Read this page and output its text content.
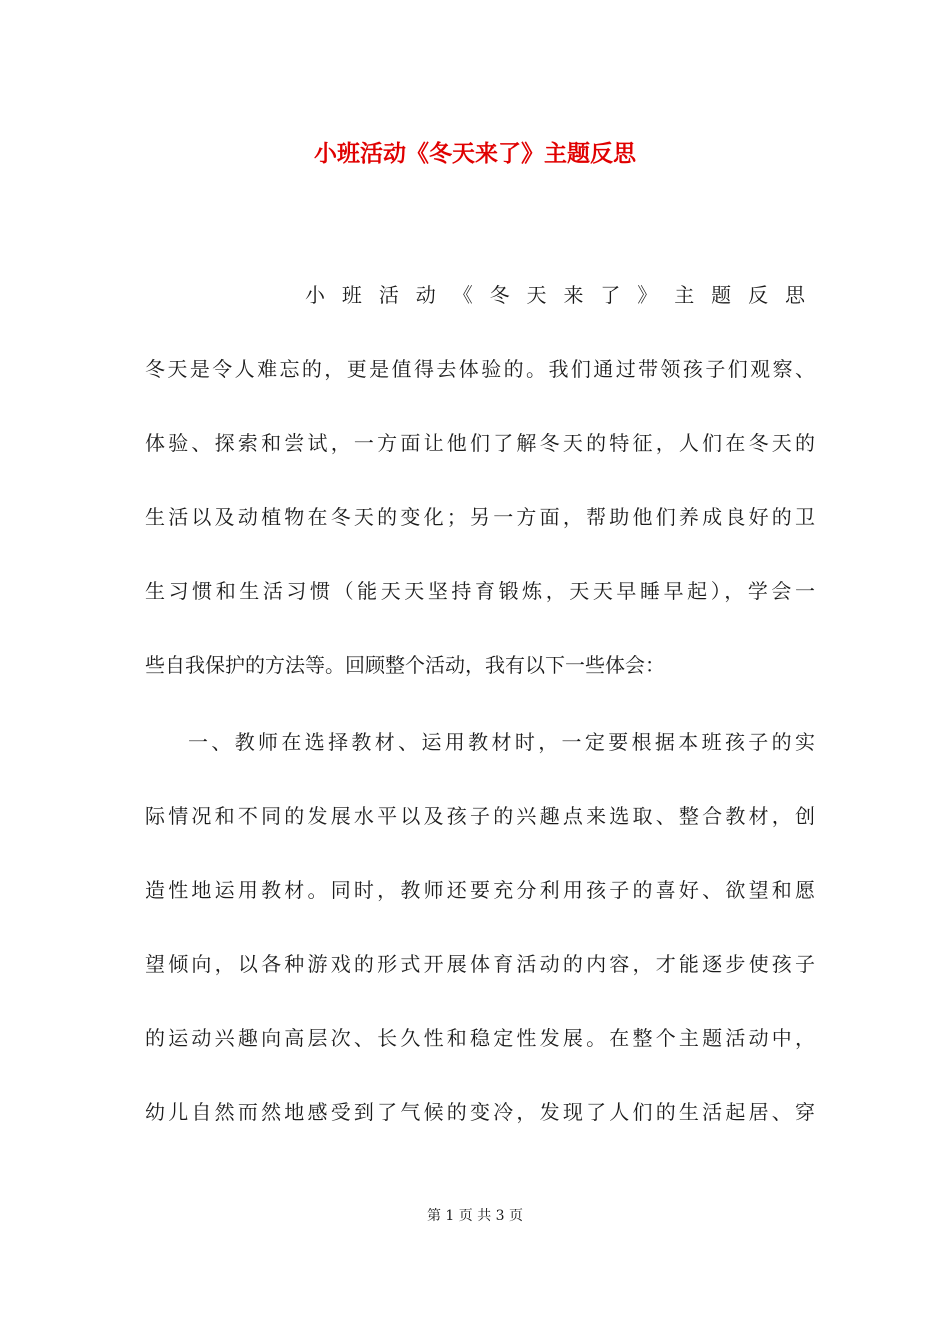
小班活动《冬天来了》主题反思

小 班 活 动 《 冬 天 来 了 》 主 题 反 思

冬天是令人难忘的，更是值得去体验的。我们通过带领孩子们观察、

体验、探索和尝试，一方面让他们了解冬天的特征，人们在冬天的

生活以及动植物在冬天的变化；另一方面，帮助他们养成良好的卫

生习惯和生活习惯（能天天坚持育锻炼，天天早睡早起），学会一

些自我保护的方法等。回顾整个活动，我有以下一些体会：

一、教师在选择教材、运用教材时，一定要根据本班孩子的实

际情况和不同的发展水平以及孩子的兴趣点来选取、整合教材，创

造性地运用教材。同时，教师还要充分利用孩子的喜好、欲望和愿

望倾向，以各种游戏的形式开展体育活动的内容，才能逐步使孩子

的运动兴趣向高层次、长久性和稳定性发展。在整个主题活动中，

幼儿自然而然地感受到了气候的变冷，发现了人们的生活起居、穿

第 1 页 共 3 页
